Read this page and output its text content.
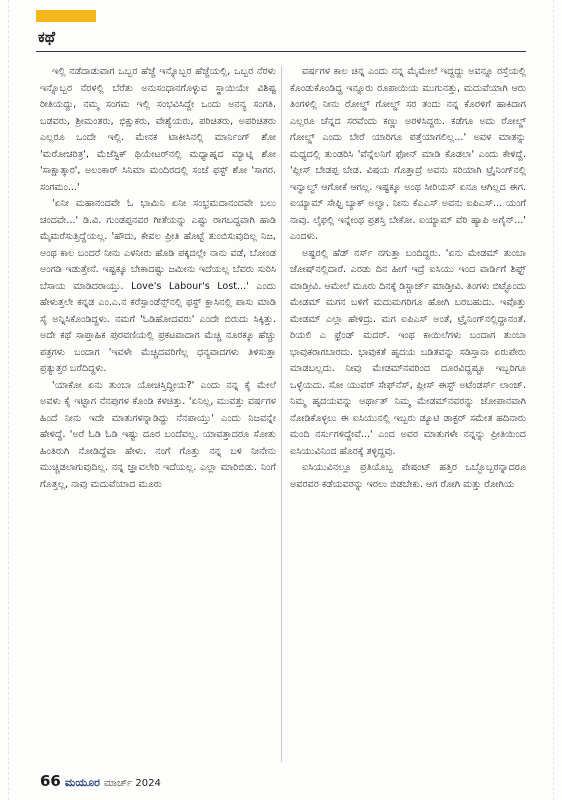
ಕಥೆ

ಇಲ್ಲಿ ನಡೆದಾಡುವಾಗ ಒಬ್ಬರ ಹೆಜ್ಜೆ ಇನ್ನೊಬ್ಬರ ಹೆಜ್ಜೆಯಲ್ಲಿ, ಒಬ್ಬರ ನೆರಳು ಇನ್ನೊಬ್ಬರ ನೆರಳಲ್ಲಿ ಬೆರೆತು ಅನುಸಂಧಾನಗೊಳ್ಳುವ ಸ್ಥಾಯಿಯೇ ವಿಶಿಷ್ಟ ರೀತಿಯದ್ದು, ನಮ್ಮ ಸಂಗಮ ಇಲ್ಲಿ ಸಂಭವಿಸಿದ್ದೇ ಒಂದು ಅನನ್ಯ ಸಂಗತಿ. ಬಡವರು, ಶ್ರೀಮಂತರು, ಭಿಕ್ಷುಕರು, ವೇಶ್ಯೆಯರು, ಪರಿಚಿತರು, ಅಪರಿಚಿತರು ಎಲ್ಲರೂ ಒಂದೇ ಇಲ್ಲಿ. ಮೇನಕ ಟಾಕೀಸಿನಲ್ಲಿ ಮಾರ್ನಿಂಗ್ ಶೋ 'ಮರೋಚರಿತ್ರ', ಮೆಜೆಸ್ಟಿಕ್ ಥಿಯೇಟರ್‌ನಲ್ಲಿ ಮಧ್ಯಾಹ್ನದ ಮ್ಯಾಟ್ನಿ ಶೋ 'ಸಾಕ್ಷಾತ್ಕಾರ', ಅಲಂಕಾರ್ ಸಿನಿಮಾ ಮಂದಿರದಲ್ಲಿ ಸಂಜೆ ಫಸ್ಟ್ ಶೋ 'ಸಾಗರ. ಸಂಗಮಂ...'

'ಏನೀ ಮಹಾನಂದವೇ ಓ ಭಾಮಿನಿ ಏನೀ ಸಂಭ್ರಮದಾನಂದವೇ ಬಲು ಚಂದವೇ...' ಡಿ.ವಿ. ಗುಂಡಪ್ಪನವರ ಗೀತೆಯನ್ನು ಎಷ್ಟು ರಾಗಬದ್ಧವಾಗಿ ಹಾಡಿ ಮೈಮರೆಸುತ್ತಿದ್ದೆಯಲ್ಲ. 'ಹೌದು, ಕೇವಲ ಪ್ರೀತಿ ಹೊಟ್ಟೆ ತುಂಬಿಸುವುದಿಲ್ಲ ನಿಜ, ಅಂಥ ಕಾಲ ಬಂದರೆ ನೀನು ಎಳನೀರು ಹೊಡಿ ಪಕ್ಕದಲ್ಲೇ ನಾನು ವಡೆ, ಬೋಂಡ ಅಂಗಡಿ ಇಡುತ್ತೇನೆ. ಇಷ್ಟಕ್ಕೂ ಬೇಕಾದಷ್ಟು ಜಮೀನು ಇದೆಯಲ್ಲ ಬೆವರು ಸುರಿಸಿ ಬೆಸಾಯ ಮಾಡಿದರಾಯ್ತು. Love's Labour's Lost...' ಎಂದು ಹೇಳುತ್ತಲೇ ಕನ್ನಡ ಎಂ.ಎ.ನ ಕರೆಸ್ಪಾಂಡೆನ್ಸ್‌ನಲ್ಲಿ ಫಸ್ಟ್ ಕ್ಲಾಸಿನಲ್ಲಿ ಪಾಸು ಮಾಡಿ ಸೈ ಅನ್ನಿಸಿಕೊಂಡಿದ್ದಳು. ನಮಗೆ 'ಓಡಿಹೋದವರು' ಎಂದೇ ಬಿರುದು ಸಿಕ್ಕಿತ್ತು. ಅದೇ ಕಥೆ ಸಾಪ್ತಾಹಿಕ ಪುರವಣಿಯಲ್ಲಿ ಪ್ರಕಟವಾದಾಗ ಮೆಚ್ಚಿ ನೂರಕ್ಕೂ ಹೆಚ್ಚು ಪತ್ರಗಳು ಬಂದಾಗ 'ಇವಳೇ ಮೆಚ್ಚಿದವರಿಗೆಲ್ಲ ಧನ್ಯವಾದಗಳು ತಿಳಿಸುತ್ತಾ ಪ್ರತ್ಯುತ್ತರ ಬರೆದಿದ್ದಳು.

'ಯಾಕೋ ಏನು ತುಂಬಾ ಯೋಚಿಸ್ತಿದ್ದೀಯ?' ಎಂದು ನನ್ನ ಕೈ ಮೇಲೆ ಅವಳು ಕೈ ಇಟ್ಟಾಗ ನೆನಪುಗಳ ಕೊಂಡಿ ಕಳಚಿತ್ತು. 'ಏನಿಲ್ಲ, ಮುವತ್ತು ವರ್ಷಗಳ ಹಿಂದೆ ನೀನು ಇದೇ ಮಾತುಗಳನ್ನಾಡಿದ್ದು ನೆನಪಾಯ್ತು' ಎಂದು ನಿಜವನ್ನೇ ಹೇಳಿದ್ದೆ. 'ಅರೆ ಓಡಿ ಓಡಿ ಇಷ್ಟು ದೂರ ಬಂದೆವಲ್ಲ. ಯಾವತ್ತಾದರೂ ಸೋತು ಹಿಂತಿರುಗಿ ನೋಡಿದ್ದೆವಾ ಹೇಳು. ನಂಗೆ ಗೊತ್ತು ನನ್ನ ಬಳಿ ನೀನೇನು ಮುಚ್ಚಿಡಲಾಗುವುದಿಲ್ಲ. ನನ್ನ ಜ್ಞಾವಲೇರಿ ಇದೆಯಲ್ಲ. ಎಲ್ಲಾ ಮಾರಿಬಿಡು. ನಿಂಗೆ ಗೊತ್ತಲ್ಲ, ನಾವು ಮದುವೆಯಾದ ಮೂರು

ವರ್ಷಗಳ ಕಾಲ ಚಿನ್ನ ಎಂದು ನನ್ನ ಮೈಮೇಲೆ ಇದ್ದದ್ದು ಅವನ್ನೂ ರಸ್ತೆಯಲ್ಲಿ ಕೊಂಡುಕೊಂಡಿದ್ದ ಇನ್ನೂರು ರೂಪಾಯಿಯ ಮುಗುನತ್ತು, ಮದುವೆಯಾಗಿ ಆರು ತಿಂಗಳಲ್ಲಿ ನೀನು ರೋಲ್ಡ್ ಗೋಲ್ಡ್ ಸರ ತಂದು ನನ್ನ ಕೊರಳಿಗೆ ಹಾಕಿದಾಗ ಎಲ್ಲರೂ ಚೆನ್ನದ ಸರವೆಂದು ಕಣ್ಣು ಅರಳಿಸಿದ್ದರು. ಕಡೆಗೂ ಅದು ರೋಲ್ಡ್ ಗೋಲ್ಡ್ ಎಂದು ಬೇರೆ ಯಾರಿಗೂ ಪತ್ತೆಯಾಗಲಿಲ್ಲ...' ಅವಳ ಮಾತನ್ನು ಮಧ್ಯದಲ್ಲಿ ತುಂಡರಿಸಿ 'ವೆನ್ನೆಲನಿಗೆ ಫೋನ್ ಮಾಡಿ ಕೊಡಲಾ' ಎಂದು ಕೇಳಿದ್ದೆ. 'ಪ್ಲೀಸ್ ಬೇಡಪ್ಪ ಬೇಡ. ವಿಷಯ ಗೊತ್ತಾದ್ರೆ ಅವನು ಸರಿಯಾಗಿ ಟ್ರೈನಿಂಗ್‌ನಲ್ಲಿ ಇನ್ವಾಲ್ವ್ ಆಗೋಕೆ ಆಗಲ್ಲ. ಇಷ್ಟಕ್ಕೂ ಅಂಥ ಸೀರಿಯಸ್ ಏನೂ ಆಗಿಲ್ಲದ ಈಗ. ಐಯ್ಯಾಮ್ ಸೇಫ್ಟಿ ಬ್ಯಾಕ್ ಅಲ್ವಾ. ನೀನು ಕೆಎಎಸ್ ಅವನು ಐಪಿಎಸ್... ಯಂಗೆ ನಾವು. ಲೈಫಲ್ಲಿ ಇನ್ನೇಂಥ ಪ್ರಶಸ್ತಿ ಬೇಕೋ. ಐಯ್ಯಾಮ್ ವೆರಿ ಹ್ಯಾಪಿ ಅಗೈನ್...' ಎಂದಳು.

ಅಷ್ಟರಲ್ಲಿ ಹೆಡ್ ನರ್ಸ್ ನಗುತ್ತಾ ಬಂದಿದ್ದರು. 'ಏನು ಮೇಡಮ್ ತುಂಬಾ ಜೋಷ್‌ನಲ್ಲಿದಾರೆ. ಎರಡು ದಿನ ಹೀಗೆ ಇದ್ರೆ ಐಸಿಯು ಇಂದ ವಾರ್ಡಿಗೆ ಶಿಫ್ಟ್ ಮಾಡ್ತೀವಿ. ಆಮೇಲೆ ಮೂರು ದಿನಕ್ಕೆ ಡಿಸ್ಚಾರ್ಜ್ ಮಾಡ್ತೀವಿ. ತಿಂಗಳು ಬಿಟ್ಟೊಂದು ಮೇಡಮ್ ಮಗನ ಬಳಿಗೆ ಮದುಮಗರಿಗೂ ಹೋಗಿ ಬರಬಹುದು. ಇವೊತ್ತು ಮೇಡಮ್ ಎಲ್ಲಾ ಹೇಳಿದ್ರು. ಮಗ ಐಪಿಎಸ್ ಅಂತೆ, ಟ್ರೈನಿಂಗ್‌ನಲ್ಲಿದ್ದಾನಂತೆ. ರಿಯಲಿ ಎ ಫ್ರೆಂಡ್ ಮದರ್. ಇಂಥ ಕಾಯಿಲೆಗಳು ಬಂದಾಗ ತುಂಬಾ ಭಾವುಕರಾಗಬಾರದು. ಭಾವುಕತೆ ಹೃದಯ ಬಡಿತವನ್ನು ಸಡಿಸ್ತಾನಾ ಏರುಪೇರು ಮಾಡಬಲ್ಲದು. ನೀವು ಮೇಡಮ್‌ನವರಿಂದ ದೂರವಿದ್ದಷ್ಟೂ ಇಬ್ಬರಿಗೂ ಒಳ್ಳೆಯದು. ಸೋ ಯುವರ್ ಸೇಫ್‌ನೆಸ್, ಪ್ಲೀಸ್ ಈಸ್ಟ್ ಅಟೆಂಡರ್ಸ್ ಲಾಂಜ್. ನಿಮ್ಮ ಹೃದಯವನ್ನು ಅರ್ಥಾತ್ ನಿಮ್ಮ ಮೇಡಮ್‌ನವರನ್ನು ಜೋಪಾನವಾಗಿ ನೋಡಿಕೊಳ್ಳಲು ಈ ಐಸಿಯುನಲ್ಲಿ ಇಬ್ಬರು ಡ್ಯೂಟಿ ಡಾಕ್ಟರ್ ಸಮೇತ ಹದಿನಾರು ಮಂದಿ ನರ್ಸುಗಳಿದ್ದೇವೆ...' ಎಂದ ಅವರ ಮಾತುಗಳೇ ನನ್ನನ್ನು ಪ್ರೀತಿಯಿಂದ ಐಸಿಯುವಿನಿಂದ ಹೊರಕ್ಕೆ ತಳ್ಳಿದ್ದವು.

ಐಸಿಯುವಿನಲ್ಲೂ ಪ್ರತಿಯೊಬ್ಬ ಪೇಷಂಟ್ ಹತ್ತಿರ ಒಬ್ಬೊಬ್ಬರನ್ನಾದರೂ ಅವರವರ ಕಡೆಯವರನ್ನು ಇರಲು ಬಿಡಬೇಕು. ಆಗ ರೋಗಿ ಮತ್ತು ರೋಗಿಯ

66 ಮಯೂರ ಮಾರ್ಚ್ 2024
